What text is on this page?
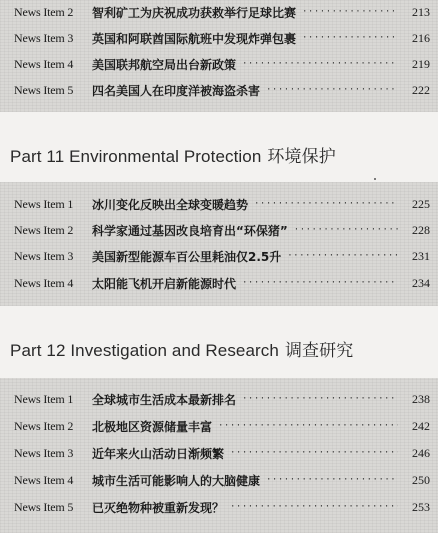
News Item 2	智利矿工为庆祝成功获救举行足球比赛 ·····	213
News Item 3	英国和阿联酋国际航班中发现炸弹包裹 ·····	216
News Item 4	美国联邦航空局出台新政策 ·····	219
News Item 5	四名美国人在印度洋被海盗杀害 ·····	222
Part 11 Environmental Protection 环境保护
News Item 1	冰川变化反映出全球变暖趋势 ·····	225
News Item 2	科学家通过基因改良培育出“环保猪” ·····	228
News Item 3	美国新型能源车百公里耗油仅2.5升 ·····	231
News Item 4	太阳能飞机开启新能源时代 ·····	234
Part 12 Investigation and Research 调查研究
News Item 1	全球城市生活成本最新排名 ·····	238
News Item 2	北极地区资源储量丰富 ·····	242
News Item 3	近年来火山活动日渐频繁 ·····	246
News Item 4	城市生活可能影响人的大脑健康 ·····	250
News Item 5	已灭绝物种被重新发现？ ·····	253
